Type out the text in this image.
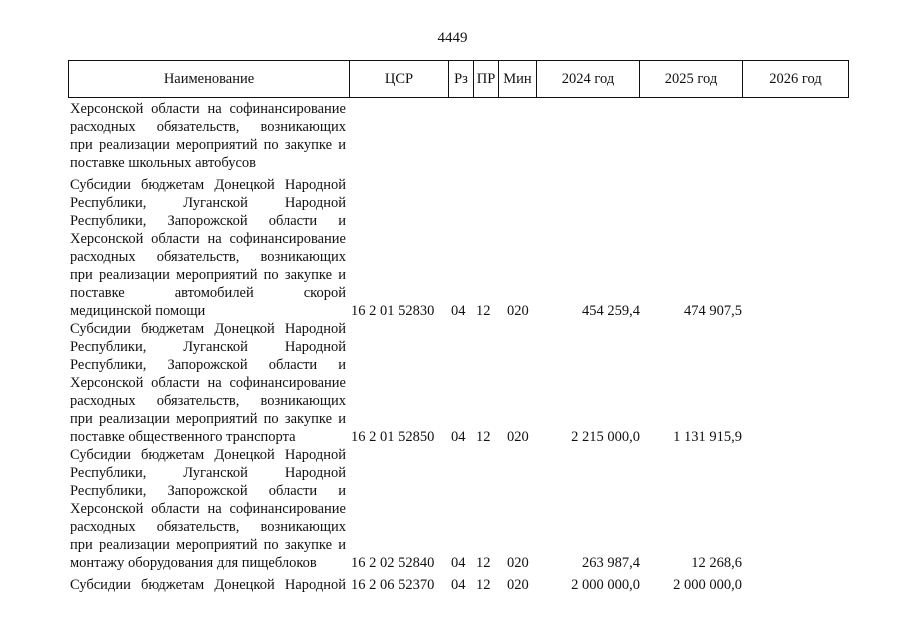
4449
Наименование	ЦСР	Рз ПР Мин	2024 год	2025 год	2026 год
Херсонской области на софинансирование
расходных обязательств, возникающих
при реализации мероприятий по закупке и
поставке школьных автобусов
Субсидии бюджетам Донецкой Народной
Республики, Луганской Народной
Республики, Запорожской области и
Херсонской области на софинансирование
расходных обязательств, возникающих
при реализации мероприятий по закупке и
поставке автомобилей скорой
медицинской помощи	16 2 01 52830 04 12 020	454 259,4	474 907,5
Субсидии бюджетам Донецкой Народной
Республики, Луганской Народной
Республики, Запорожской области и
Херсонской области на софинансирование
расходных обязательств, возникающих
при реализации мероприятий по закупке и
поставке общественного транспорта	16 2 01 52850 04 12 020	2 215 000,0 1 131 915,9
Субсидии бюджетам Донецкой Народной
Республики, Луганской Народной
Республики, Запорожской области и
Херсонской области на софинансирование
расходных обязательств, возникающих
при реализации мероприятий по закупке и
монтажу оборудования для пищеблоков	16 2 02 52840 04 12 020	263 987,4	12 268,6
Субсидии бюджетам Донецкой Народной 16 2 06 52370 04 12 020	2 000 000,0 2 000 000,0
